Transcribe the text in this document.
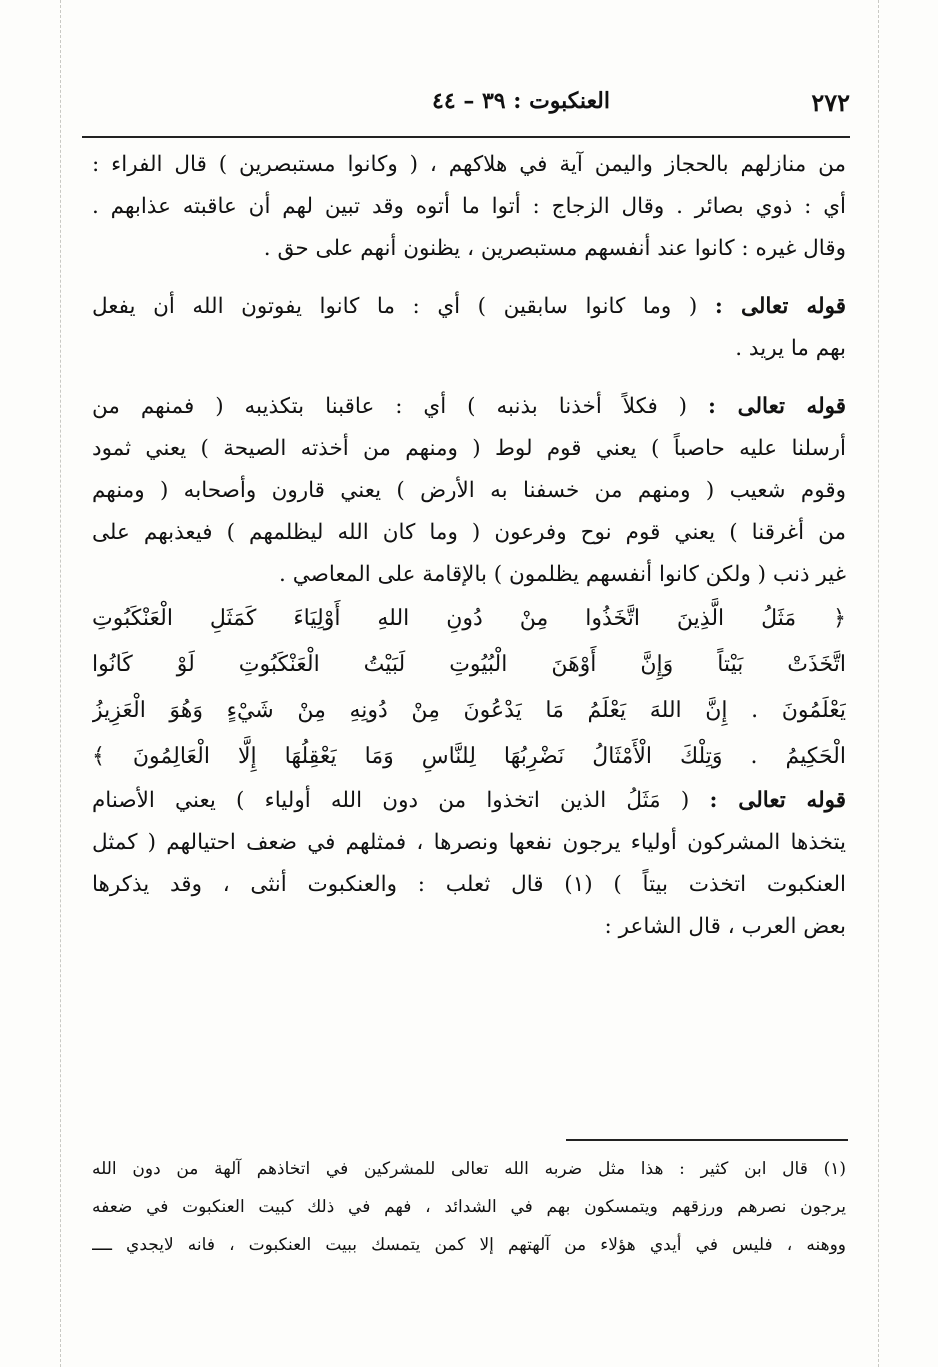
٢٧٢
العنكبوت : ٣٩ – ٤٤
من منازلهم بالحجاز واليمن آية في هلاكهم ، ( وكانوا مستبصرين ) قال الفراء :
أي : ذوي بصائر . وقال الزجاج : أتوا ما أتوه وقد تبين لهم أن عاقبته عذابهم .
وقال غيره : كانوا عند أنفسهم مستبصرين ، يظنون أنهم على حق .
قوله تعالى : ( وما كانوا سابقين ) أي : ما كانوا يفوتون الله أن يفعل
بهم ما يريد .
قوله تعالى : ( فكلاً أخذنا بذنبه ) أي : عاقبنا بتكذيبه ( فمنهم من
أرسلنا عليه حاصباً ) يعني قوم لوط ( ومنهم من أخذته الصيحة ) يعني ثمود
وقوم شعيب ( ومنهم من خسفنا به الأرض ) يعني قارون وأصحابه ( ومنهم
من أغرقنا ) يعني قوم نوح وفرعون ( وما كان الله ليظلمهم ) فيعذبهم على
غير ذنب ( ولكن كانوا أنفسهم يظلمون ) بالإقامة على المعاصي .
﴿ مَثَلُ الَّذِينَ اتَّخَذُوا مِنْ دُونِ اللهِ أَوْلِيَاءَ كَمَثَلِ الْعَنْكَبُوتِ
اتَّخَذَتْ بَيْتاً وَإِنَّ أَوْهَنَ الْبُيُوتِ لَبَيْتُ الْعَنْكَبُوتِ لَوْ كَانُوا
يَعْلَمُونَ . إِنَّ اللهَ يَعْلَمُ مَا يَدْعُونَ مِنْ دُونِهِ مِنْ شَيْءٍ وَهُوَ الْعَزِيزُ
الْحَكِيمُ . وَتِلْكَ الْأَمْثَالُ نَضْرِبُهَا لِلنَّاسِ وَمَا يَعْقِلُهَا إِلَّا الْعَالِمُونَ ﴾
قوله تعالى : ( مَثَلُ الذين اتخذوا من دون الله أولياء ) يعني الأصنام
يتخذها المشركون أولياء يرجون نفعها ونصرها ، فمثلهم في ضعف احتيالهم ( كمثل
العنكبوت اتخذت بيتاً ) (١) قال ثعلب : والعنكبوت أنثى ، وقد يذكرها
بعض العرب ، قال الشاعر :
(١) قال ابن كثير : هذا مثل ضربه الله تعالى للمشركين في اتخاذهم آلهة من دون الله
يرجون نصرهم ورزقهم ويتمسكون بهم في الشدائد ، فهم في ذلك كبيت العنكبوت في ضعفه
ووهنه ، فليس في أيدي هؤلاء من آلهتهم إلا كمن يتمسك ببيت العنكبوت ، فانه لايجدي ــــ
